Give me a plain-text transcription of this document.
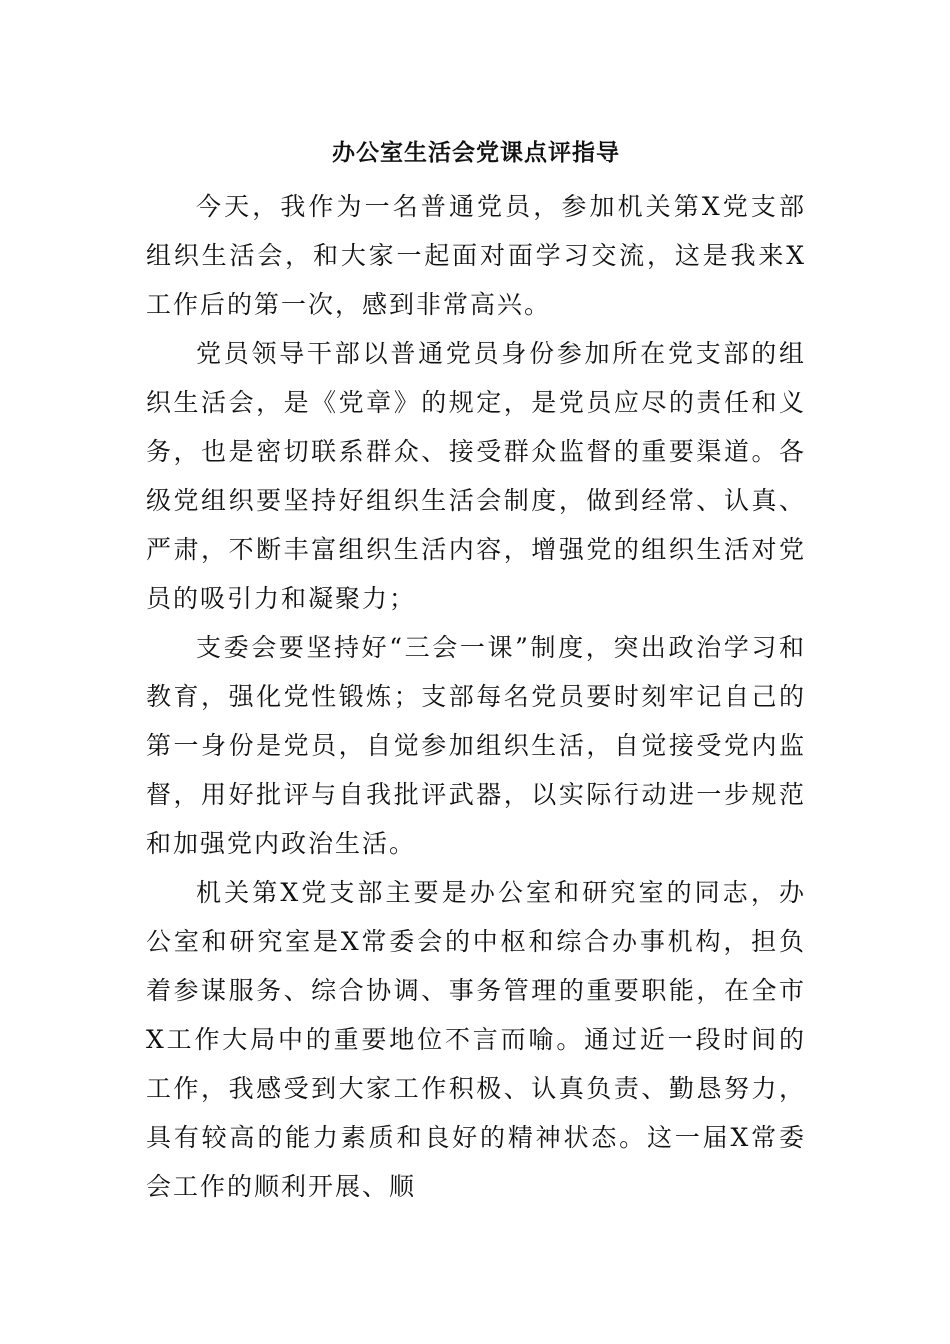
办公室生活会党课点评指导

今天，我作为一名普通党员，参加机关第X党支部组织生活会，和大家一起面对面学习交流，这是我来X工作后的第一次，感到非常高兴。

党员领导干部以普通党员身份参加所在党支部的组织生活会，是《党章》的规定，是党员应尽的责任和义务，也是密切联系群众、接受群众监督的重要渠道。各级党组织要坚持好组织生活会制度，做到经常、认真、严肃，不断丰富组织生活内容，增强党的组织生活对党员的吸引力和凝聚力；

支委会要坚持好“三会一课”制度，突出政治学习和教育，强化党性锻炼；支部每名党员要时刻牢记自己的第一身份是党员，自觉参加组织生活，自觉接受党内监督，用好批评与自我批评武器，以实际行动进一步规范和加强党内政治生活。

机关第X党支部主要是办公室和研究室的同志，办公室和研究室是X常委会的中枢和综合办事机构，担负着参谋服务、综合协调、事务管理的重要职能，在全市X工作大局中的重要地位不言而喻。通过近一段时间的工作，我感受到大家工作积极、认真负责、勤恳努力，具有较高的能力素质和良好的精神状态。这一届X常委会工作的顺利开展、顺
